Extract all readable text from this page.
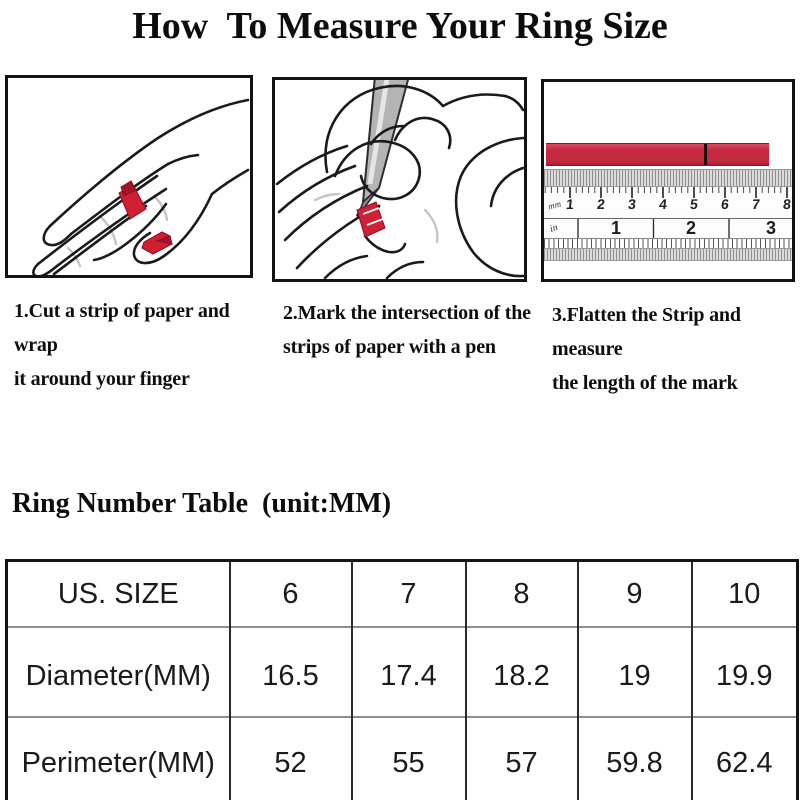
How  To Measure Your Ring Size
mm 1	2	3	4	5	6	7	8
in	1	2	3
1.Cut a strip of paper and wrap
it around your finger
2.Mark the intersection of the
strips of paper with a pen
3.Flatten the Strip and measure
the length of the mark
Ring Number Table  (unit:MM)
US. SIZE	6	7	8	9	10
Diameter(MM)	16.5	17.4	18.2	19	19.9
Perimeter(MM)	52	55	57	59.8	62.4
